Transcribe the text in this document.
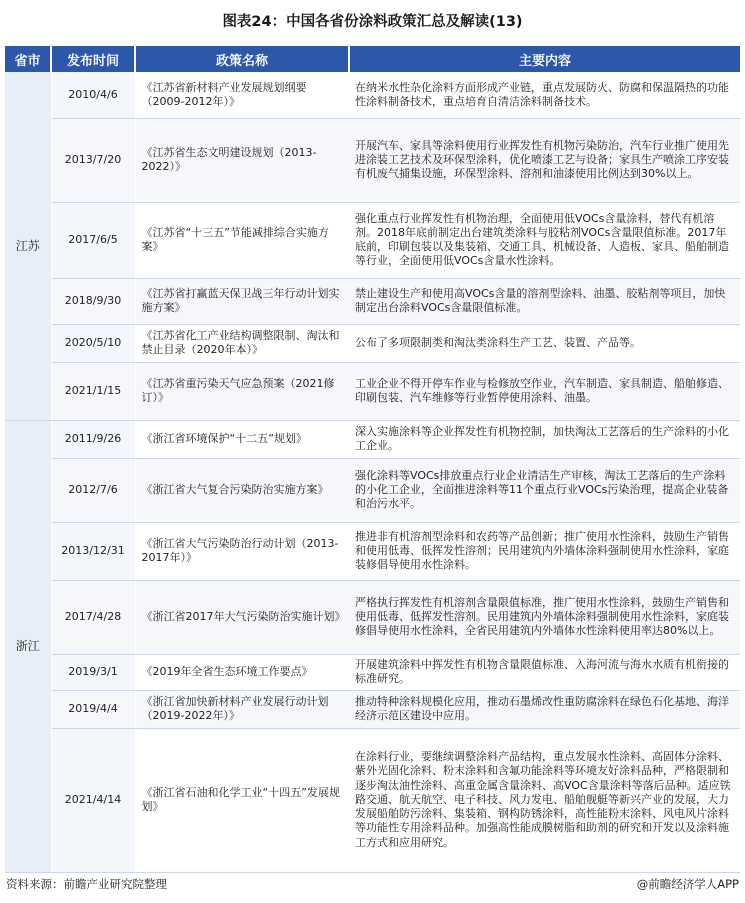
图表24：中国各省份涂料政策汇总及解读(13)
省市	发布时间	政策名称	主要内容
江苏	2010/4/6	《江苏省新材料产业发展规划纲要（2009-2012年）》	在纳米水性杂化涂料方面形成产业链，重点发展防火、防腐和保温隔热的功能性涂料制备技术，重点培育自清洁涂料制备技术。
	2013/7/20	《江苏省生态文明建设规划（2013-2022）》	开展汽车、家具等涂料使用行业挥发性有机物污染防治，汽车行业推广使用先进涂装工艺技术及环保型涂料，优化喷漆工艺与设备；家具生产喷涂工序安装有机废气捕集设施，环保型涂料、溶剂和油漆使用比例达到30%以上。
	2017/6/5	《江苏省“十三五”节能减排综合实施方案》	强化重点行业挥发性有机物治理，全面使用低VOCs含量涂料，替代有机溶剂。2018年底前制定出台建筑类涂料与胶粘剂VOCs含量限值标准。2017年底前，印刷包装以及集装箱、交通工具、机械设备、人造板、家具、船舶制造等行业，全面使用低VOCs含量水性涂料。
	2018/9/30	《江苏省打赢蓝天保卫战三年行动计划实施方案》	禁止建设生产和使用高VOCs含量的溶剂型涂料、油墨、胶粘剂等项目，加快制定出台涂料VOCs含量限值标准。
	2020/5/10	《江苏省化工产业结构调整限制、淘汰和禁止目录（2020年本）》	公布了多项限制类和淘汰类涂料生产工艺、装置、产品等。
	2021/1/15	《江苏省重污染天气应急预案（2021修订）》	工业企业不得开停车作业与检修放空作业，汽车制造、家具制造、船舶修造、印刷包装、汽车维修等行业暂停使用涂料、油墨。
浙江	2011/9/26	《浙江省环境保护“十二五”规划》	深入实施涂料等企业挥发性有机物控制，加快淘汰工艺落后的生产涂料的小化工企业。
	2012/7/6	《浙江省大气复合污染防治实施方案》	强化涂料等VOCs排放重点行业企业清洁生产审核，淘汰工艺落后的生产涂料的小化工企业，全面推进涂料等11个重点行业VOCs污染治理，提高企业装备和治污水平。
	2013/12/31	《浙江省大气污染防治行动计划（2013-2017年）》	推进非有机溶剂型涂料和农药等产品创新；推广使用水性涂料，鼓励生产销售和使用低毒、低挥发性溶剂；民用建筑内外墙体涂料强制使用水性涂料，家庭装修倡导使用水性涂料。
	2017/4/28	《浙江省2017年大气污染防治实施计划》	严格执行挥发性有机溶剂含量限值标准，推广使用水性涂料，鼓励生产销售和使用低毒、低挥发性溶剂。民用建筑内外墙体涂料强制使用水性涂料，家庭装修倡导使用水性涂料，全省民用建筑内外墙体水性涂料使用率达80%以上。
	2019/3/1	《2019年全省生态环境工作要点》	开展建筑涂料中挥发性有机物含量限值标准、入海河流与海水水质有机衔接的标准研究。
	2019/4/4	《浙江省加快新材料产业发展行动计划（2019-2022年）》	推动特种涂料规模化应用，推动石墨烯改性重防腐涂料在绿色石化基地、海洋经济示范区建设中应用。
	2021/4/14	《浙江省石油和化学工业“十四五”发展规划》	在涂料行业，要继续调整涂料产品结构，重点发展水性涂料、高固体分涂料、紫外光固化涂料、粉末涂料和含氟功能涂料等环境友好涂料品种，严格限制和逐步淘汰油性涂料、高重金属含量涂料、高VOC含量涂料等落后品种。适应铁路交通、航天航空、电子科技、风力发电、船舶舰艇等新兴产业的发展，大力发展船舶防污涂料、集装箱、钢构防锈涂料，高性能粉末涂料、风电风片涂料等功能性专用涂料品种。加强高性能成膜树脂和助剂的研究和开发以及涂料施工方式和应用研究。
资料来源：前瞻产业研究院整理	@前瞻经济学人APP
